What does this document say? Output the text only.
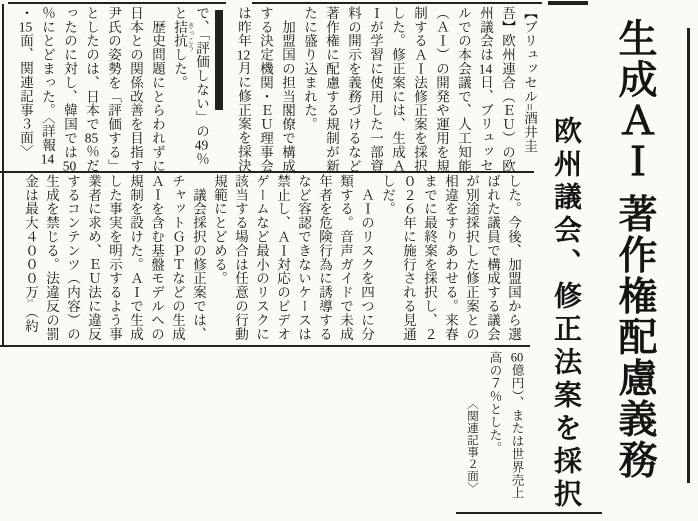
生成ＡＩ 著作権配慮義務
欧州議会、修正法案を採択

【ブリュッセル=酒井圭

吾】欧州連合（ＥＵ）の欧

州議会は14日、ブリュッセ

ルでの本会議で、人工知能

（ＡＩ）の開発や運用を規

制するＡＩ法修正案を採択

した。修正案には、生成Ａ

Ｉが学習に使用した一部資

料の開示を義務づけるなど

著作権に配慮する規制が新

たに盛り込まれた。

　加盟国の担当閣僚で構成

する決定機関・ＥＵ理事会

は昨年12月に修正案を採決

で、「評価しない」の49％

と拮抗した。

　歴史問題にとらわれずに

日本との関係改善を目指す

尹氏の姿勢を「評価する」

としたのは、日本で85％だ

ったのに対し、韓国では50

％にとどまった。〈詳報14

・15面、関連記事３面〉	きっこう

した。今後、加盟国から選

ばれた議員で構成する議会

が別途採択した修正案との

相違をすりあわせる。来春

までに最終案を採択し、２

０２６年に施行される見通

しだ。

　ＡＩのリスクを四つに分

類する。音声ガイドで未成

年者を危険行為に誘導する

など容認できないケースは

禁止し、ＡＩ対応のビデオ

ゲームなど最小のリスクに

該当する場合は任意の行動

規範にとどめる。

　議会採択の修正案では、

チャットＧＰＴなどの生成

ＡＩを含む基盤モデルへの

規制を設けた。ＡＩで生成

した事実を明示するよう事

業者に求め、ＥＵ法に違反

するコンテンツ（内容）の

生成を禁じる。法違反の罰

金は最大４０００万ユーロ（約

60億円）、または世界売上

高の７％とした。

〈関連記事２面〉
